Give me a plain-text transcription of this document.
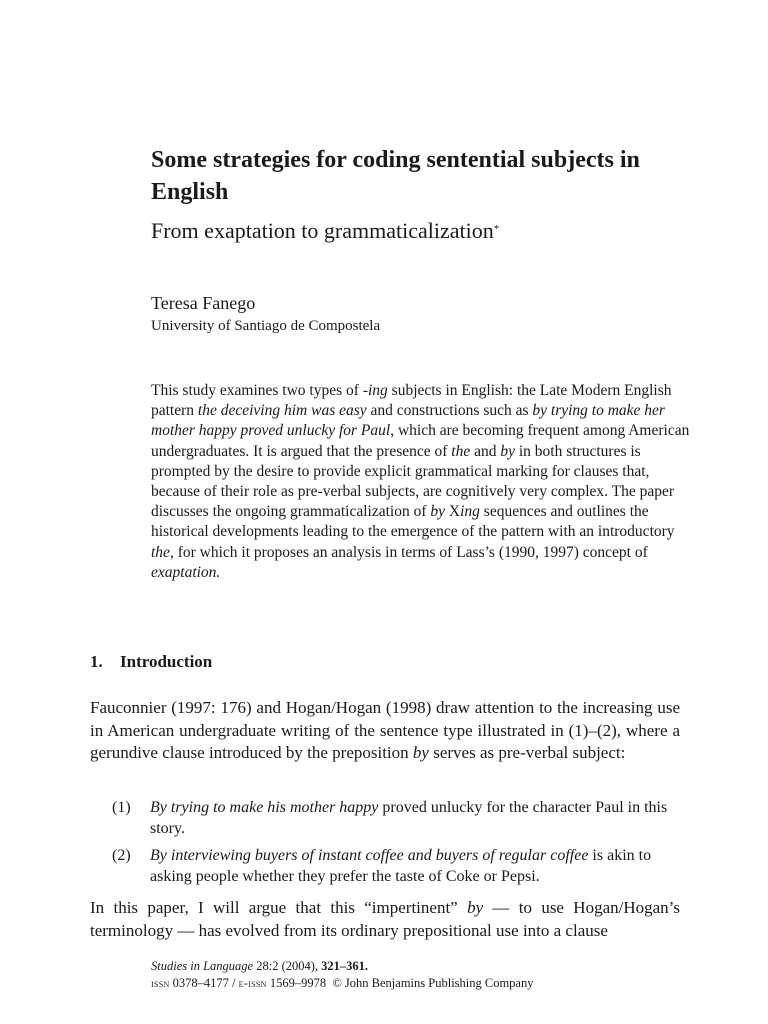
Some strategies for coding sentential subjects in English
From exaptation to grammaticalization*
Teresa Fanego
University of Santiago de Compostela

This study examines two types of -ing subjects in English: the Late Modern English pattern the deceiving him was easy and constructions such as by trying to make her mother happy proved unlucky for Paul, which are becoming frequent among American undergraduates. It is argued that the presence of the and by in both structures is prompted by the desire to provide explicit grammatical marking for clauses that, because of their role as pre-verbal subjects, are cognitively very complex. The paper discusses the ongoing grammaticalization of by Xing sequences and outlines the historical developments leading to the emergence of the pattern with an introductory the, for which it proposes an analysis in terms of Lass’s (1990, 1997) concept of exaptation.

1. Introduction
Fauconnier (1997: 176) and Hogan/Hogan (1998) draw attention to the increasing use in American undergraduate writing of the sentence type illustrated in (1)–(2), where a gerundive clause introduced by the preposition by serves as pre-verbal subject:
(1) By trying to make his mother happy proved unlucky for the character Paul in this story.
(2) By interviewing buyers of instant coffee and buyers of regular coffee is akin to asking people whether they prefer the taste of Coke or Pepsi.
In this paper, I will argue that this “impertinent” by — to use Hogan/Hogan’s terminology — has evolved from its ordinary prepositional use into a clause
Studies in Language 28:2 (2004), 321–361.
issn 0378–4177 / e-issn 1569–9978  © John Benjamins Publishing Company
